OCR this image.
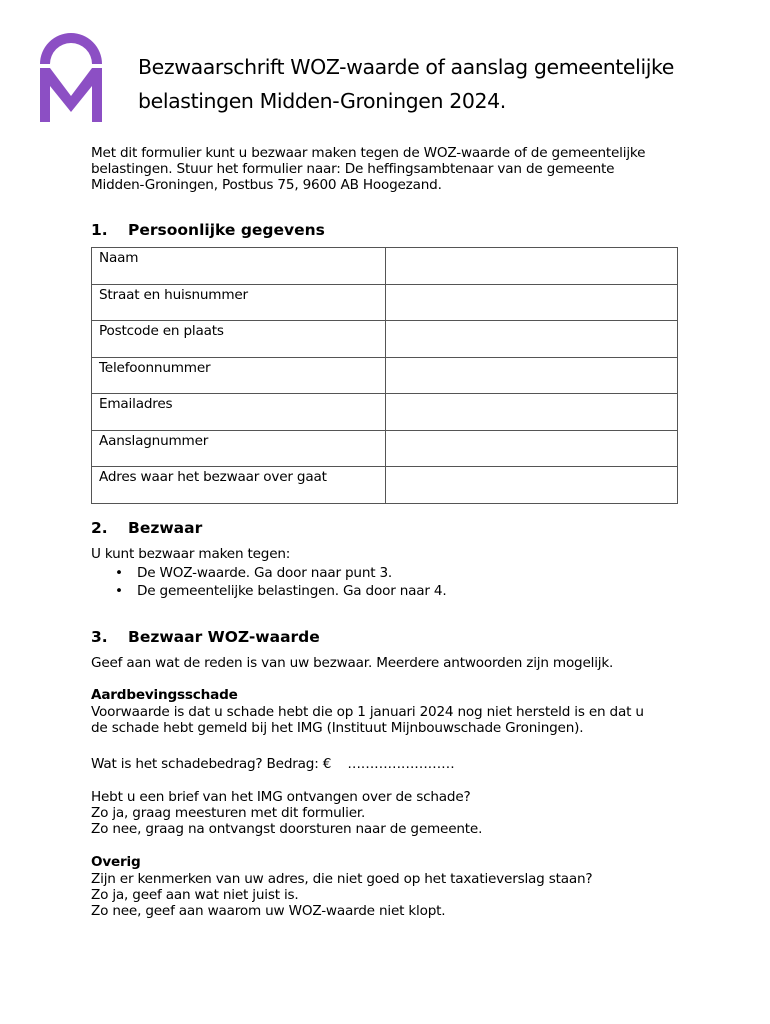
Bezwaarschrift WOZ-waarde of aanslag gemeentelijke
belastingen Midden-Groningen 2024.
Met dit formulier kunt u bezwaar maken tegen de WOZ-waarde of de gemeentelijke
belastingen. Stuur het formulier naar: De heffingsambtenaar van de gemeente
Midden-Groningen, Postbus 75, 9600 AB Hoogezand.
1. Persoonlijke gegevens
Naam	
Straat en huisnummer	
Postcode en plaats	
Telefoonnummer	
Emailadres	
Aanslagnummer	
Adres waar het bezwaar over gaat	
2. Bezwaar
U kunt bezwaar maken tegen:
• De WOZ-waarde. Ga door naar punt 3.
• De gemeentelijke belastingen. Ga door naar 4.
3. Bezwaar WOZ-waarde
Geef aan wat de reden is van uw bezwaar. Meerdere antwoorden zijn mogelijk.
Aardbevingsschade
Voorwaarde is dat u schade hebt die op 1 januari 2024 nog niet hersteld is en dat u
de schade hebt gemeld bij het IMG (Instituut Mijnbouwschade Groningen).
Wat is het schadebedrag? Bedrag: € ……………………
Hebt u een brief van het IMG ontvangen over de schade?
Zo ja, graag meesturen met dit formulier.
Zo nee, graag na ontvangst doorsturen naar de gemeente.
Overig
Zijn er kenmerken van uw adres, die niet goed op het taxatieverslag staan?
Zo ja, geef aan wat niet juist is.
Zo nee, geef aan waarom uw WOZ-waarde niet klopt.
